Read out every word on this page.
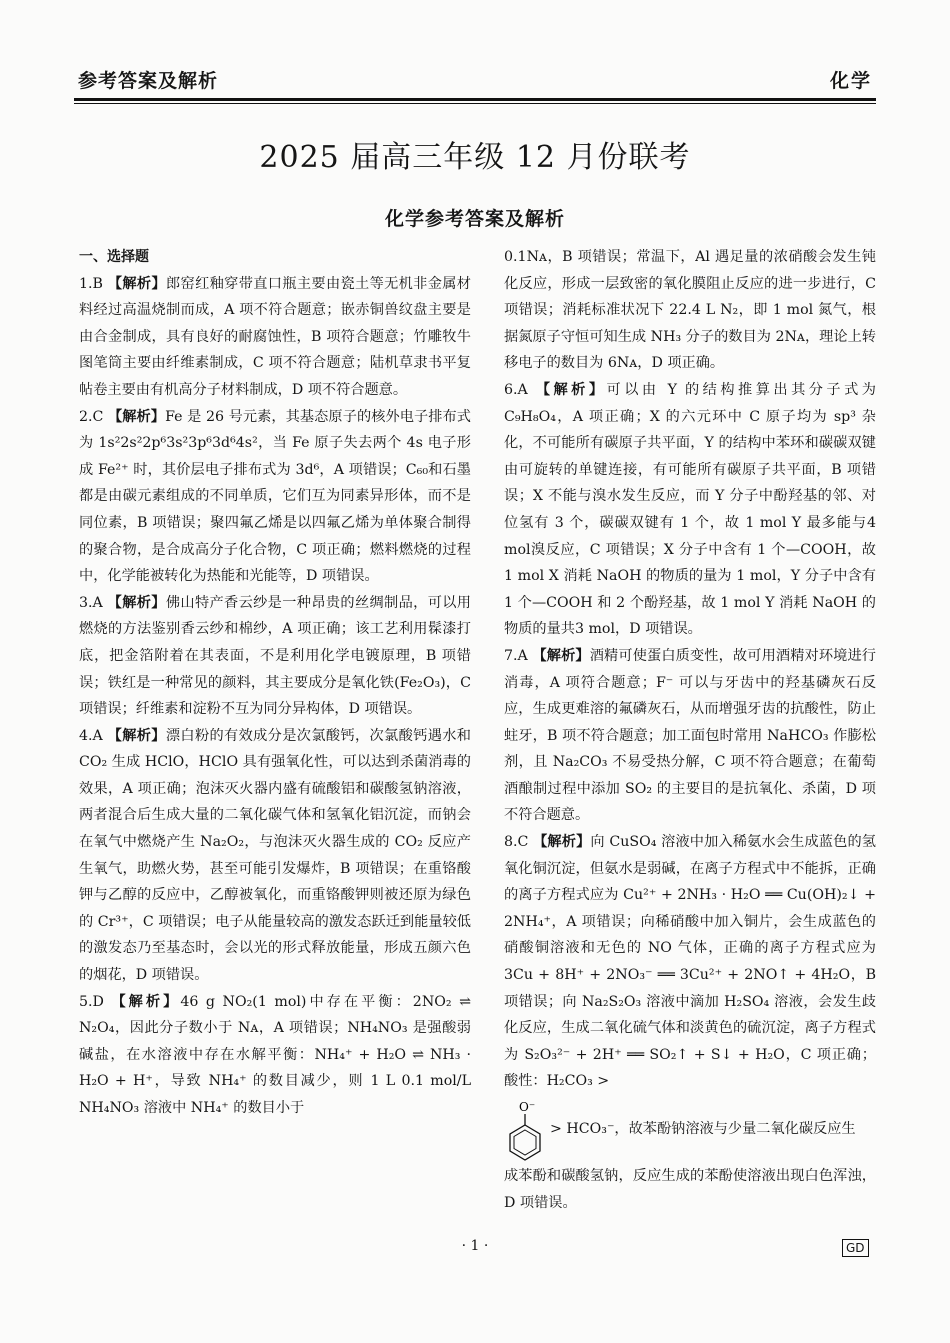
参考答案及解析	化学
2025 届高三年级 12 月份联考
化学参考答案及解析
一、选择题

1.B 【解析】郎窑红釉穿带直口瓶主要由瓷土等无机非金属材料经过高温烧制而成，A 项不符合题意；嵌赤铜兽纹盘主要是由合金制成，具有良好的耐腐蚀性，B 项符合题意；竹雕牧牛图笔筒主要由纤维素制成，C 项不符合题意；陆机草隶书平复帖卷主要由有机高分子材料制成，D 项不符合题意。

2.C 【解析】Fe 是 26 号元素，其基态原子的核外电子排布式为 1s²2s²2p⁶3s²3p⁶3d⁶4s²，当 Fe 原子失去两个 4s 电子形成 Fe²⁺ 时，其价层电子排布式为 3d⁶，A 项错误；C₆₀和石墨都是由碳元素组成的不同单质，它们互为同素异形体，而不是同位素，B 项错误；聚四氟乙烯是以四氟乙烯为单体聚合制得的聚合物，是合成高分子化合物，C 项正确；燃料燃烧的过程中，化学能被转化为热能和光能等，D 项错误。

3.A 【解析】佛山特产香云纱是一种昂贵的丝绸制品，可以用燃烧的方法鉴别香云纱和棉纱，A 项正确；该工艺利用髹漆打底，把金箔附着在其表面，不是利用化学电镀原理，B 项错误；铁红是一种常见的颜料，其主要成分是氧化铁(Fe₂O₃)，C 项错误；纤维素和淀粉不互为同分异构体，D 项错误。

4.A 【解析】漂白粉的有效成分是次氯酸钙，次氯酸钙遇水和 CO₂ 生成 HClO，HClO 具有强氧化性，可以达到杀菌消毒的效果，A 项正确；泡沫灭火器内盛有硫酸铝和碳酸氢钠溶液，两者混合后生成大量的二氧化碳气体和氢氧化铝沉淀，而钠会在氧气中燃烧产生 Na₂O₂，与泡沫灭火器生成的 CO₂ 反应产生氧气，助燃火势，甚至可能引发爆炸，B 项错误；在重铬酸钾与乙醇的反应中，乙醇被氧化，而重铬酸钾则被还原为绿色的 Cr³⁺，C 项错误；电子从能量较高的激发态跃迁到能量较低的激发态乃至基态时，会以光的形式释放能量，形成五颜六色的烟花，D 项错误。

5.D 【解析】46 g NO₂(1 mol)中存在平衡：2NO₂ ⇌ N₂O₄，因此分子数小于 Nᴀ，A 项错误；NH₄NO₃ 是强酸弱碱盐，在水溶液中存在水解平衡：NH₄⁺ + H₂O ⇌ NH₃ · H₂O + H⁺，导致 NH₄⁺ 的数目减少，则 1 L 0.1 mol/L NH₄NO₃ 溶液中 NH₄⁺ 的数目小于

0.1Nᴀ，B 项错误；常温下，Al 遇足量的浓硝酸会发生钝化反应，形成一层致密的氧化膜阻止反应的进一步进行，C 项错误；消耗标准状况下 22.4 L N₂，即 1 mol 氮气，根据氮原子守恒可知生成 NH₃ 分子的数目为 2Nᴀ，理论上转移电子的数目为 6Nᴀ，D 项正确。

6.A 【解析】可以由 Y 的结构推算出其分子式为 C₉H₈O₄，A 项正确；X 的六元环中 C 原子均为 sp³ 杂化，不可能所有碳原子共平面，Y 的结构中苯环和碳碳双键由可旋转的单键连接，有可能所有碳原子共平面，B 项错误；X 不能与溴水发生反应，而 Y 分子中酚羟基的邻、对位氢有 3 个，碳碳双键有 1 个，故 1 mol Y 最多能与4 mol溴反应，C 项错误；X 分子中含有 1 个—COOH，故 1 mol X 消耗 NaOH 的物质的量为 1 mol，Y 分子中含有 1 个—COOH 和 2 个酚羟基，故 1 mol Y 消耗 NaOH 的物质的量共3 mol，D 项错误。

7.A 【解析】酒精可使蛋白质变性，故可用酒精对环境进行消毒，A 项符合题意；F⁻ 可以与牙齿中的羟基磷灰石反应，生成更难溶的氟磷灰石，从而增强牙齿的抗酸性，防止蛀牙，B 项不符合题意；加工面包时常用 NaHCO₃ 作膨松剂，且 Na₂CO₃ 不易受热分解，C 项不符合题意；在葡萄酒酿制过程中添加 SO₂ 的主要目的是抗氧化、杀菌，D 项不符合题意。

8.C 【解析】向 CuSO₄ 溶液中加入稀氨水会生成蓝色的氢氧化铜沉淀，但氨水是弱碱，在离子方程式中不能拆，正确的离子方程式应为 Cu²⁺ + 2NH₃ · H₂O ══ Cu(OH)₂↓ + 2NH₄⁺，A 项错误；向稀硝酸中加入铜片，会生成蓝色的硝酸铜溶液和无色的 NO 气体，正确的离子方程式应为 3Cu + 8H⁺ + 2NO₃⁻ ══ 3Cu²⁺ + 2NO↑ + 4H₂O，B 项错误；向 Na₂S₂O₃ 溶液中滴加 H₂SO₄ 溶液，会发生歧化反应，生成二氧化硫气体和淡黄色的硫沉淀，离子方程式为 S₂O₃²⁻ + 2H⁺ ══ SO₂↑ + S↓ + H₂O，C 项正确；酸性：H₂CO₃ >

O⁻
> HCO₃⁻，故苯酚钠溶液与少量二氧化碳反应生

成苯酚和碳酸氢钠，反应生成的苯酚使溶液出现白色浑浊，D 项错误。

· 1 ·	GD
